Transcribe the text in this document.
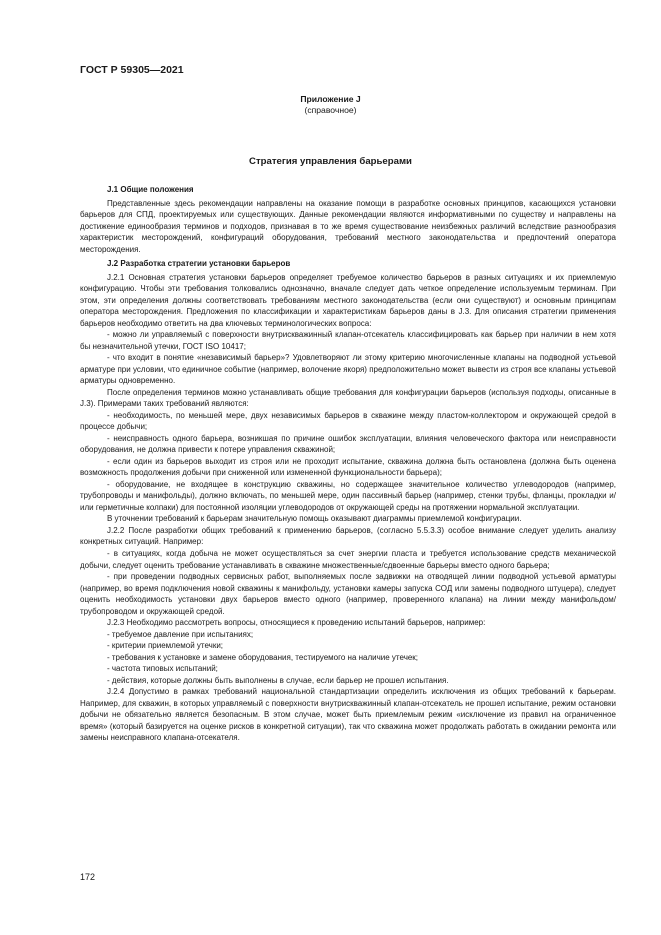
ГОСТ Р 59305—2021
Приложение J
(справочное)
Стратегия управления барьерами

J.1 Общие положения

Представленные здесь рекомендации направлены на оказание помощи в разработке основных принципов, касающихся установки барьеров для СПД, проектируемых или существующих. Данные рекомендации являются информативными по существу и направлены на достижение единообразия терминов и подходов, признавая в то же время существование неизбежных различий вследствие разнообразия характеристик месторождений, конфигураций оборудования, требований местного законодательства и предпочтений оператора месторождения.

J.2 Разработка стратегии установки барьеров

J.2.1 Основная стратегия установки барьеров определяет требуемое количество барьеров в разных ситуациях и их приемлемую конфигурацию. Чтобы эти требования толковались однозначно, вначале следует дать четкое определение используемым терминам. При этом, эти определения должны соответствовать требованиям местного законодательства (если они существуют) и основным принципам оператора месторождения. Предложения по классификации и характеристикам барьеров даны в J.3. Для описания стратегии применения барьеров необходимо ответить на два ключевых терминологических вопроса:

- можно ли управляемый с поверхности внутрискважинный клапан-отсекатель классифицировать как барьер при наличии в нем хотя бы незначительной утечки, ГОСТ ISO 10417;

- что входит в понятие «независимый барьер»? Удовлетворяют ли этому критерию многочисленные клапаны на подводной устьевой арматуре при условии, что единичное событие (например, волочение якоря) предположительно может вывести из строя все клапаны устьевой арматуры одновременно.

После определения терминов можно устанавливать общие требования для конфигурации барьеров (используя подходы, описанные в J.3). Примерами таких требований являются:

- необходимость, по меньшей мере, двух независимых барьеров в скважине между пластом-коллектором и окружающей средой в процессе добычи;

- неисправность одного барьера, возникшая по причине ошибок эксплуатации, влияния человеческого фактора или неисправности оборудования, не должна привести к потере управления скважиной;

- если один из барьеров выходит из строя или не проходит испытание, скважина должна быть остановлена (должна быть оценена возможность продолжения добычи при сниженной или измененной функциональности барьера);

- оборудование, не входящее в конструкцию скважины, но содержащее значительное количество углеводородов (например, трубопроводы и манифольды), должно включать, по меньшей мере, один пассивный барьер (например, стенки трубы, фланцы, прокладки и/или герметичные колпаки) для постоянной изоляции углеводородов от окружающей среды на протяжении нормальной эксплуатации.

В уточнении требований к барьерам значительную помощь оказывают диаграммы приемлемой конфигурации.

J.2.2 После разработки общих требований к применению барьеров, (согласно 5.5.3.3) особое внимание следует уделить анализу конкретных ситуаций. Например:

- в ситуациях, когда добыча не может осуществляться за счет энергии пласта и требуется использование средств механической добычи, следует оценить требование устанавливать в скважине множественные/сдвоенные барьеры вместо одного барьера;

- при проведении подводных сервисных работ, выполняемых после задвижки на отводящей линии подводной устьевой арматуры (например, во время подключения новой скважины к манифольду, установки камеры запуска СОД или замены подводного штуцера), следует оценить необходимость установки двух барьеров вместо одного (например, проверенного клапана) на линии между манифольдом/трубопроводом и окружающей средой.

J.2.3 Необходимо рассмотреть вопросы, относящиеся к проведению испытаний барьеров, например:

- требуемое давление при испытаниях;

- критерии приемлемой утечки;

- требования к установке и замене оборудования, тестируемого на наличие утечек;

- частота типовых испытаний;

- действия, которые должны быть выполнены в случае, если барьер не прошел испытания.

J.2.4 Допустимо в рамках требований национальной стандартизации определить исключения из общих требований к барьерам. Например, для скважин, в которых управляемый с поверхности внутрискважинный клапан-отсекатель не прошел испытание, режим остановки добычи не обязательно является безопасным. В этом случае, может быть приемлемым режим «исключение из правил на ограниченное время» (который базируется на оценке рисков в конкретной ситуации), так что скважина может продолжать работать в ожидании ремонта или замены неисправного клапана-отсекателя.

172
